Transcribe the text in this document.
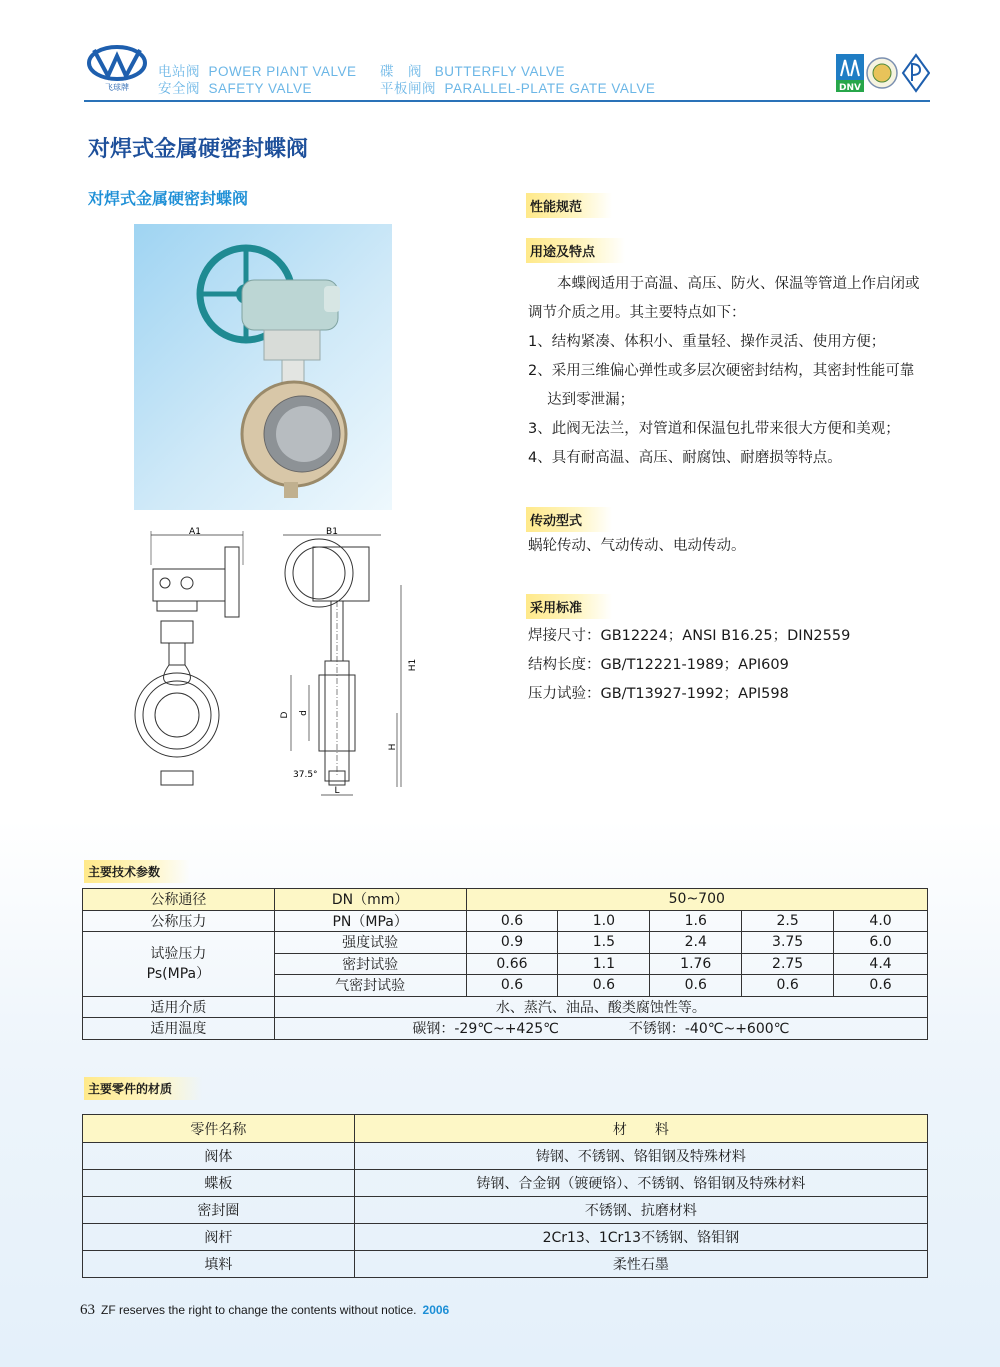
飞球牌
电站阀 POWER PIANT VALVE
安全阀 SAFETY VALVE
碟　阀 BUTTERFLY VALVE
平板闸阀 PARALLEL-PLATE GATE VALVE	DNV
对焊式金属硬密封蝶阀
对焊式金属硬密封蝶阀
A1	B1
H1
H
D d
37.5°
L
性能规范
用途及特点
　　本蝶阀适用于高温、高压、防火、保温等管道上作启闭或
调节介质之用。其主要特点如下：
1、结构紧凑、体积小、重量轻、操作灵活、使用方便；
2、采用三维偏心弹性或多层次硬密封结构，其密封性能可靠
　 达到零泄漏；
3、此阀无法兰，对管道和保温包扎带来很大方便和美观；
4、具有耐高温、高压、耐腐蚀、耐磨损等特点。
传动型式
蜗轮传动、气动传动、电动传动。
采用标准
焊接尺寸：GB12224；ANSI B16.25；DIN2559
结构长度：GB/T12221-1989；API609
压力试验：GB/T13927-1992；API598
主要技术参数
公称通径	DN（mm）	50~700				
公称压力	PN（MPa）	0.6	1.0	1.6	2.5	4.0

试验压力
Ps(MPa）	强度试验	0.9	1.5	2.4	3.75	6.0
	密封试验	0.66	1.1	1.76	2.75	4.4
	气密封试验	0.6	0.6	0.6	0.6	0.6
适用介质	水、蒸汽、油品、酸类腐蚀性等。					
适用温度	碳钢：-29℃~+425℃　　　　　不锈钢：-40℃~+600℃					
主要零件的材质
零件名称	材　　料
阀体	铸钢、不锈钢、铬钼钢及特殊材料
蝶板	铸钢、合金钢（镀硬铬）、不锈钢、铬钼钢及特殊材料
密封圈	不锈钢、抗磨材料
阀杆	2Cr13、1Cr13不锈钢、铬钼钢
填料	柔性石墨
63 ZF reserves the right to change the contents without notice. 2006
